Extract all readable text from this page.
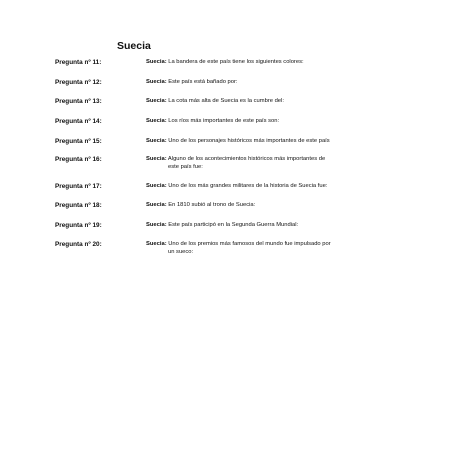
Suecia
Pregunta nº 11:	Suecia: La bandera de este país tiene los siguientes colores:
Pregunta nº 12:	Suecia: Este país está bañado por:
Pregunta nº 13:	Suecia: La cota más alta de Suecia es la cumbre del:
Pregunta nº 14:	Suecia: Los ríos más importantes de este país son:
Pregunta nº 15:	Suecia: Uno de los personajes históricos más importantes de este país
Pregunta nº 16:	Suecia: Alguno de los acontecimientos históricos más importantes de
este país fue:
Pregunta nº 17:	Suecia: Uno de los más grandes militares de la historia de Suecia fue:
Pregunta nº 18:	Suecia: En 1810 subió al trono de Suecia:
Pregunta nº 19:	Suecia: Este país participó en la Segunda Guerra Mundial:
Pregunta nº 20:	Suecia: Uno de los premios más famosos del mundo fue impulsado por
un sueco:
